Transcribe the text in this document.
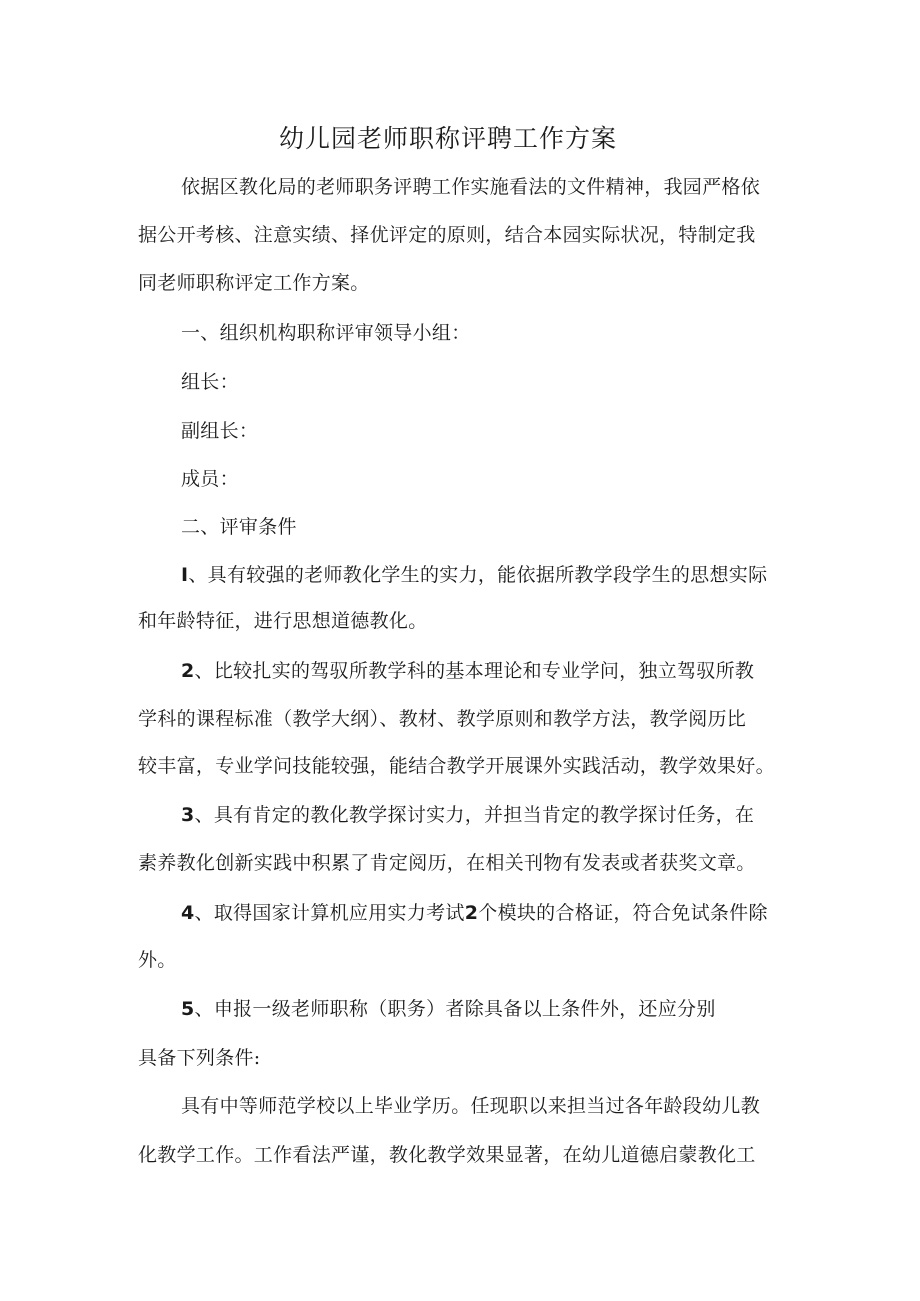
幼儿园老师职称评聘工作方案
依据区教化局的老师职务评聘工作实施看法的文件精神，我园严格依
据公开考核、注意实绩、择优评定的原则，结合本园实际状况，特制定我
同老师职称评定工作方案。
一、组织机构职称评审领导小组：
组长：
副组长：
成员：
二、评审条件
I、具有较强的老师教化学生的实力，能依据所教学段学生的思想实际
和年龄特征，进行思想道德教化。
2、比较扎实的驾驭所教学科的基本理论和专业学问，独立驾驭所教
学科的课程标准（教学大纲）、教材、教学原则和教学方法，教学阅历比
较丰富，专业学问技能较强，能结合教学开展课外实践活动，教学效果好。
3、具有肯定的教化教学探讨实力，并担当肯定的教学探讨任务，在
素养教化创新实践中积累了肯定阅历，在相关刊物有发表或者获奖文章。
4、取得国家计算机应用实力考试2个模块的合格证，符合免试条件除
外。
5、申报一级老师职称（职务）者除具备以上条件外，还应分别
具备下列条件:
具有中等师范学校以上毕业学历。任现职以来担当过各年龄段幼儿教
化教学工作。工作看法严谨，教化教学效果显著，在幼儿道德启蒙教化工
